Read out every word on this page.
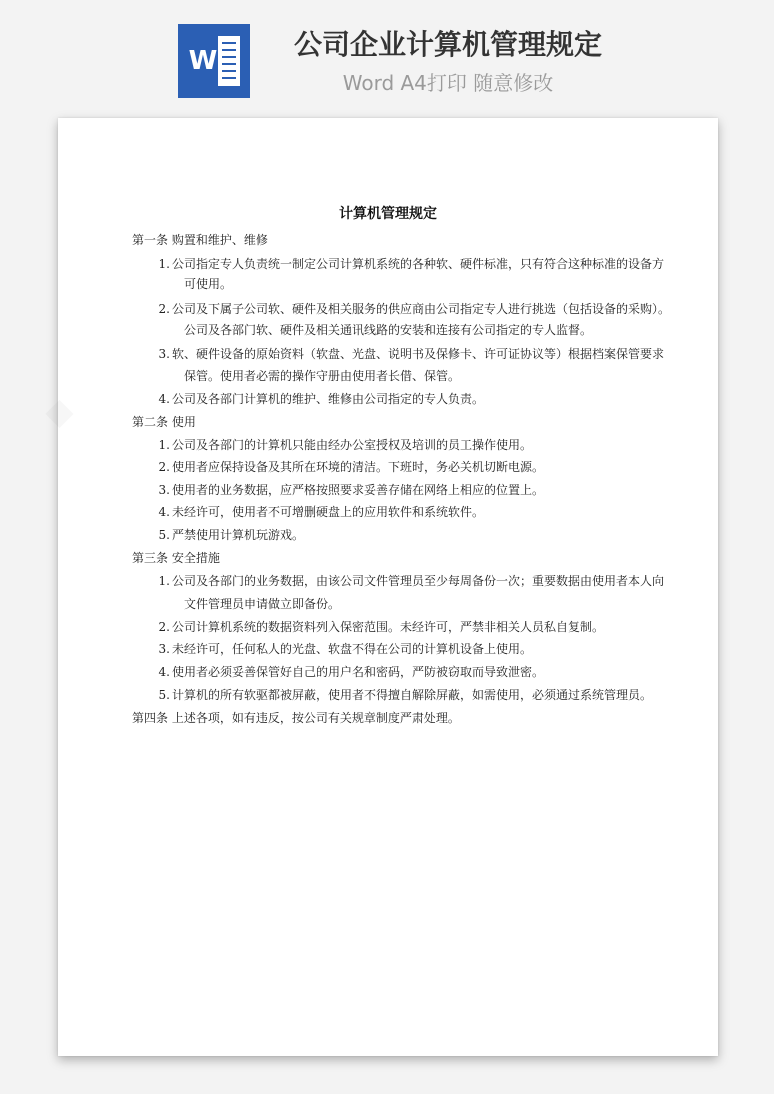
W	公司企业计算机管理规定
Word A4打印 随意修改
■
计算机管理规定
第一条 购置和维护、维修
1. 公司指定专人负责统一制定公司计算机系统的各种软、硬件标准，只有符合这种标准的设备方
可使用。
2. 公司及下属子公司软、硬件及相关服务的供应商由公司指定专人进行挑选（包括设备的采购）。
公司及各部门软、硬件及相关通讯线路的安装和连接有公司指定的专人监督。
3. 软、硬件设备的原始资料（软盘、光盘、说明书及保修卡、许可证协议等）根据档案保管要求
保管。使用者必需的操作守册由使用者长借、保管。
4. 公司及各部门计算机的维护、维修由公司指定的专人负责。
第二条 使用
1. 公司及各部门的计算机只能由经办公室授权及培训的员工操作使用。
2. 使用者应保持设备及其所在环境的清洁。下班时，务必关机切断电源。
3. 使用者的业务数据，应严格按照要求妥善存储在网络上相应的位置上。
4. 未经许可，使用者不可增删硬盘上的应用软件和系统软件。
5. 严禁使用计算机玩游戏。
第三条 安全措施
1. 公司及各部门的业务数据，由该公司文件管理员至少每周备份一次；重要数据由使用者本人向
文件管理员申请做立即备份。
2. 公司计算机系统的数据资料列入保密范围。未经许可，严禁非相关人员私自复制。
3. 未经许可，任何私人的光盘、软盘不得在公司的计算机设备上使用。
4. 使用者必须妥善保管好自己的用户名和密码，严防被窃取而导致泄密。
5. 计算机的所有软驱都被屏蔽，使用者不得擅自解除屏蔽，如需使用，必须通过系统管理员。
第四条 上述各项，如有违反，按公司有关规章制度严肃处理。
